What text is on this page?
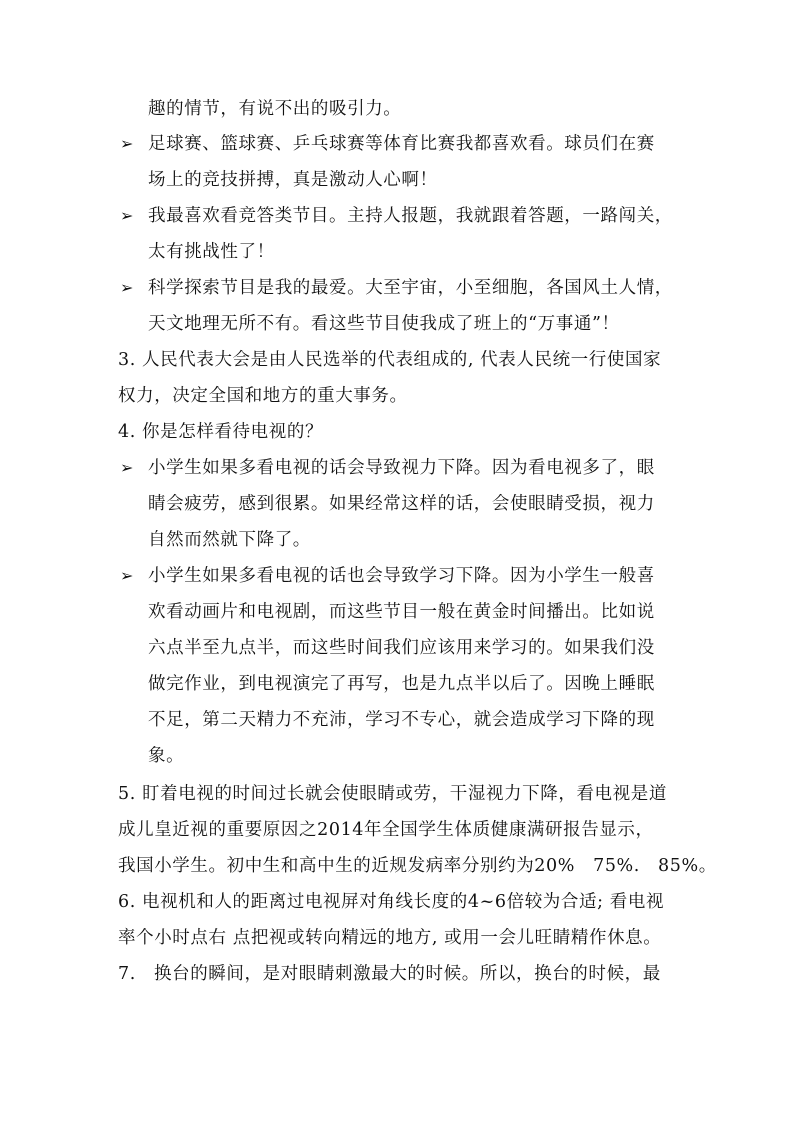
趣的情节，有说不出的吸引力。
➢ 足球赛、篮球赛、乒乓球赛等体育比赛我都喜欢看。球员们在赛
场上的竞技拼搏，真是激动人心啊！
➢ 我最喜欢看竞答类节目。主持人报题，我就跟着答题，一路闯关，
太有挑战性了！
➢ 科学探索节目是我的最爱。大至宇宙，小至细胞，各国风土人情，
天文地理无所不有。看这些节目使我成了班上的“万事通”！
3. 人民代表大会是由人民选举的代表组成的, 代表人民统一行使国家
权力，决定全国和地方的重大事务。
4. 你是怎样看待电视的？
➢ 小学生如果多看电视的话会导致视力下降。因为看电视多了，眼
睛会疲劳，感到很累。如果经常这样的话，会使眼睛受损，视力
自然而然就下降了。
➢ 小学生如果多看电视的话也会导致学习下降。因为小学生一般喜
欢看动画片和电视剧，而这些节目一般在黄金时间播出。比如说
六点半至九点半，而这些时间我们应该用来学习的。如果我们没
做完作业，到电视演完了再写，也是九点半以后了。因晚上睡眠
不足，第二天精力不充沛，学习不专心，就会造成学习下降的现
象。
5. 盯着电视的时间过长就会使眼睛或劳，干湿视力下降，看电视是道
成儿皇近视的重要原因之2014年全国学生体质健康满研报告显示，
我国小学生。初中生和高中生的近规发病率分别约为20%　75%.　85%。
6. 电视机和人的距离过电视屏对角线长度的4~6倍较为合适; 看电视
率个小时点右 点把视或转向精远的地方, 或用一会儿旺睛精作休息。
7.　换台的瞬间，是对眼睛刺激最大的时候。所以，换台的时候，最
